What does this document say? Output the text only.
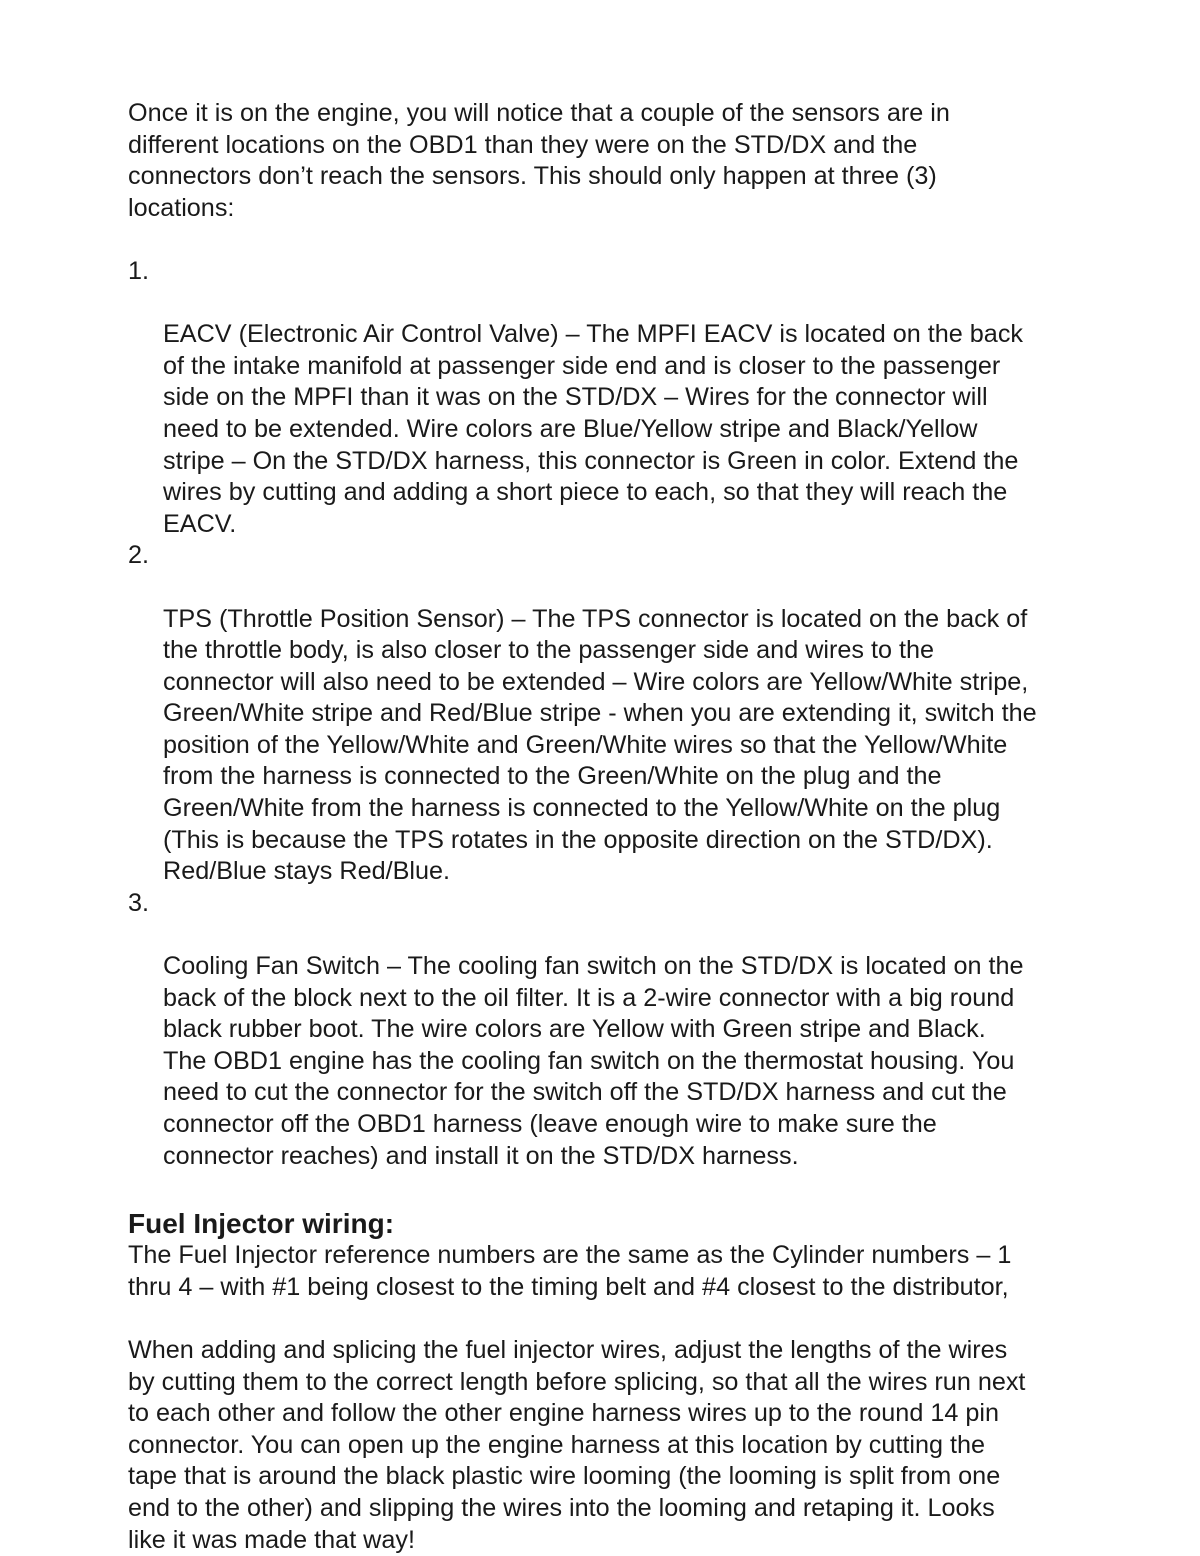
Once it is on the engine, you will notice that a couple of the sensors are in
different locations on the OBD1 than they were on the STD/DX and the
connectors don’t reach the sensors. This should only happen at three (3)
locations:

1.

EACV (Electronic Air Control Valve) – The MPFI EACV is located on the back
of the intake manifold at passenger side end and is closer to the passenger
side on the MPFI than it was on the STD/DX – Wires for the connector will
need to be extended. Wire colors are Blue/Yellow stripe and Black/Yellow
stripe – On the STD/DX harness, this connector is Green in color. Extend the
wires by cutting and adding a short piece to each, so that they will reach the
EACV.

2.

TPS (Throttle Position Sensor) – The TPS connector is located on the back of
the throttle body, is also closer to the passenger side and wires to the
connector will also need to be extended – Wire colors are Yellow/White stripe,
Green/White stripe and Red/Blue stripe - when you are extending it, switch the
position of the Yellow/White and Green/White wires so that the Yellow/White
from the harness is connected to the Green/White on the plug and the
Green/White from the harness is connected to the Yellow/White on the plug
(This is because the TPS rotates in the opposite direction on the STD/DX).
Red/Blue stays Red/Blue.

3.

Cooling Fan Switch – The cooling fan switch on the STD/DX is located on the
back of the block next to the oil filter. It is a 2-wire connector with a big round
black rubber boot. The wire colors are Yellow with Green stripe and Black.
The OBD1 engine has the cooling fan switch on the thermostat housing. You
need to cut the connector for the switch off the STD/DX harness and cut the
connector off the OBD1 harness (leave enough wire to make sure the
connector reaches) and install it on the STD/DX harness.

Fuel Injector wiring:

The Fuel Injector reference numbers are the same as the Cylinder numbers – 1
thru 4 – with #1 being closest to the timing belt and #4 closest to the distributor,

When adding and splicing the fuel injector wires, adjust the lengths of the wires
by cutting them to the correct length before splicing, so that all the wires run next
to each other and follow the other engine harness wires up to the round 14 pin
connector. You can open up the engine harness at this location by cutting the
tape that is around the black plastic wire looming (the looming is split from one
end to the other) and slipping the wires into the looming and retaping it. Looks
like it was made that way!
